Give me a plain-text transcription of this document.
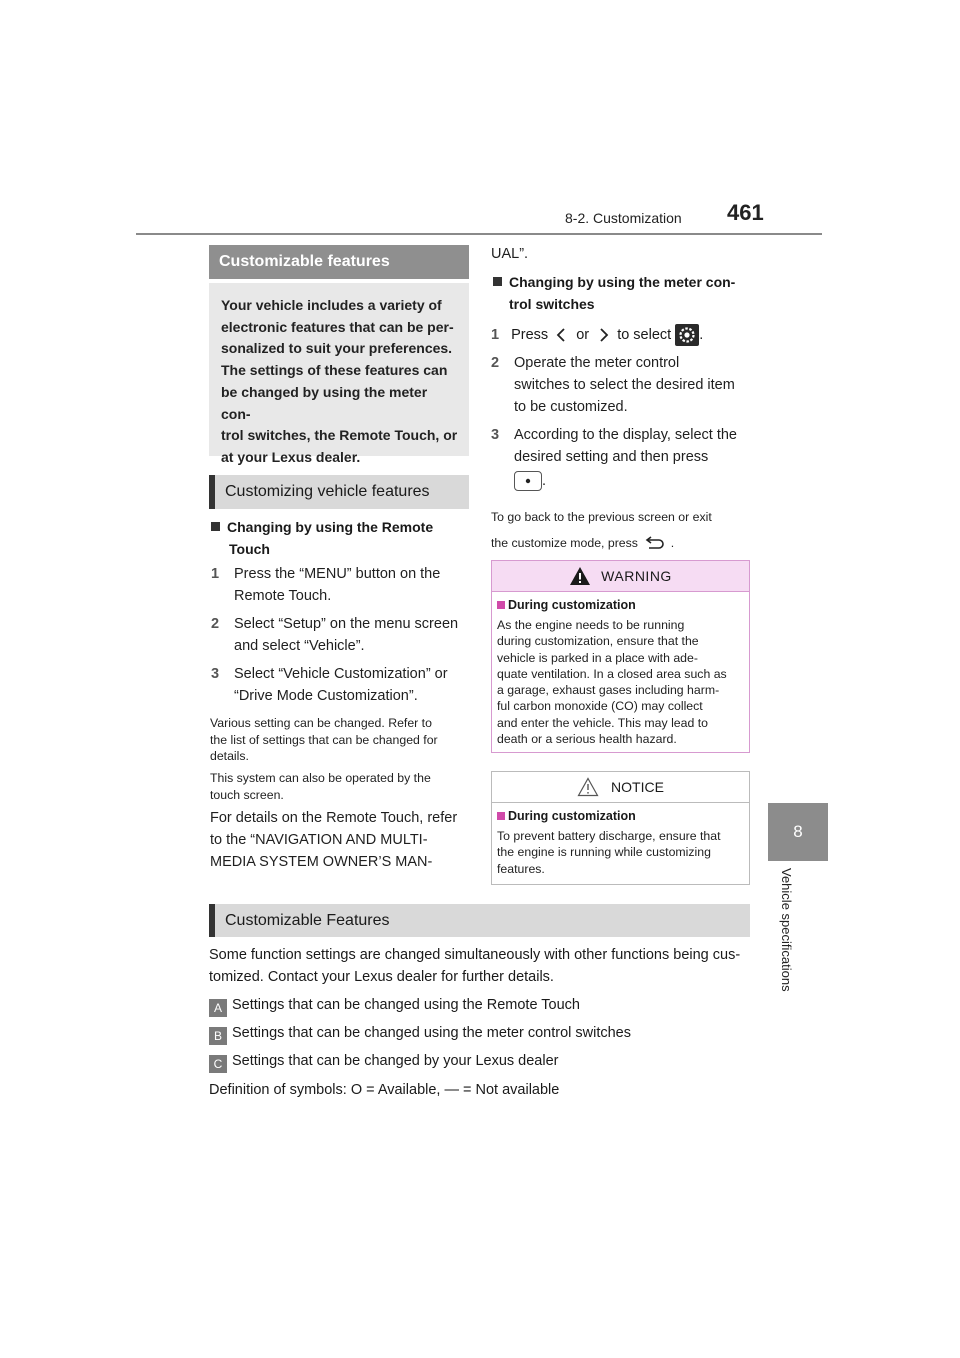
8-2. Customization 461
8
Vehicle specifications
Customizable features
Your vehicle includes a variety of
electronic features that can be per-
sonalized to suit your preferences.
The settings of these features can
be changed by using the meter con-
trol switches, the Remote Touch, or
at your Lexus dealer.
Customizing vehicle features
Changing by using the Remote
Touch
1	Press the “MENU” button on the
Remote Touch.
2	Select “Setup” on the menu screen
and select “Vehicle”.
3	Select “Vehicle Customization” or
“Drive Mode Customization”.
Various setting can be changed. Refer to
the list of settings that can be changed for
details.
This system can also be operated by the
touch screen.
For details on the Remote Touch, refer
to the “NAVIGATION AND MULTI-
MEDIA SYSTEM OWNER’S MAN-
UAL”.
Changing by using the meter con-
trol switches
1 Press or to select .
2	Operate the meter control
switches to select the desired item
to be customized.
3	According to the display, select the
desired setting and then press
.
To go back to the previous screen or exit
the customize mode, press	.
WARNING
During customization
As the engine needs to be running
during customization, ensure that the
vehicle is parked in a place with ade-
quate ventilation. In a closed area such as
a garage, exhaust gases including harm-
ful carbon monoxide (CO) may collect
and enter the vehicle. This may lead to
death or a serious health hazard.
NOTICE
During customization
To prevent battery discharge, ensure that
the engine is running while customizing
features.
Customizable Features
Some function settings are changed simultaneously with other functions being cus-
tomized. Contact your Lexus dealer for further details.
A Settings that can be changed using the Remote Touch
B Settings that can be changed using the meter control switches
C Settings that can be changed by your Lexus dealer
Definition of symbols: O = Available, — = Not available
